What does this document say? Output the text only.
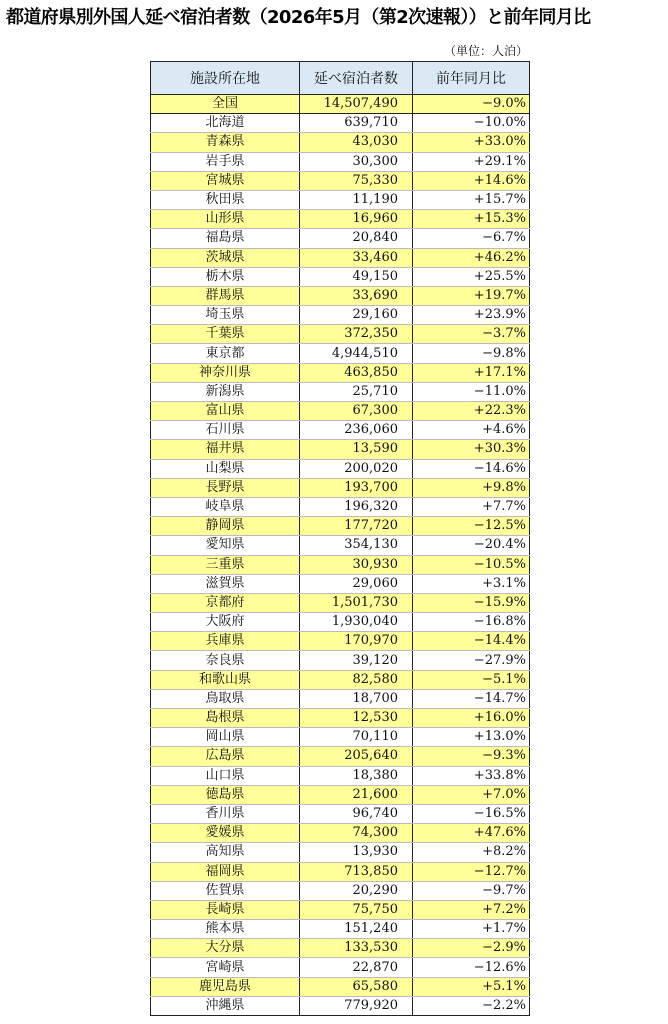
都道府県別外国人延べ宿泊者数（2026年5月（第2次速報））と前年同月比
（単位：人泊）
施設所在地	延べ宿泊者数	前年同月比
全国	14,507,490	−9.0%
北海道	639,710	−10.0%
青森県	43,030	+33.0%
岩手県	30,300	+29.1%
宮城県	75,330	+14.6%
秋田県	11,190	+15.7%
山形県	16,960	+15.3%
福島県	20,840	−6.7%
茨城県	33,460	+46.2%
栃木県	49,150	+25.5%
群馬県	33,690	+19.7%
埼玉県	29,160	+23.9%
千葉県	372,350	−3.7%
東京都	4,944,510	−9.8%
神奈川県	463,850	+17.1%
新潟県	25,710	−11.0%
富山県	67,300	+22.3%
石川県	236,060	+4.6%
福井県	13,590	+30.3%
山梨県	200,020	−14.6%
長野県	193,700	+9.8%
岐阜県	196,320	+7.7%
静岡県	177,720	−12.5%
愛知県	354,130	−20.4%
三重県	30,930	−10.5%
滋賀県	29,060	+3.1%
京都府	1,501,730	−15.9%
大阪府	1,930,040	−16.8%
兵庫県	170,970	−14.4%
奈良県	39,120	−27.9%
和歌山県	82,580	−5.1%
鳥取県	18,700	−14.7%
島根県	12,530	+16.0%
岡山県	70,110	+13.0%
広島県	205,640	−9.3%
山口県	18,380	+33.8%
徳島県	21,600	+7.0%
香川県	96,740	−16.5%
愛媛県	74,300	+47.6%
高知県	13,930	+8.2%
福岡県	713,850	−12.7%
佐賀県	20,290	−9.7%
長崎県	75,750	+7.2%
熊本県	151,240	+1.7%
大分県	133,530	−2.9%
宮崎県	22,870	−12.6%
鹿児島県	65,580	+5.1%
沖縄県	779,920	−2.2%
